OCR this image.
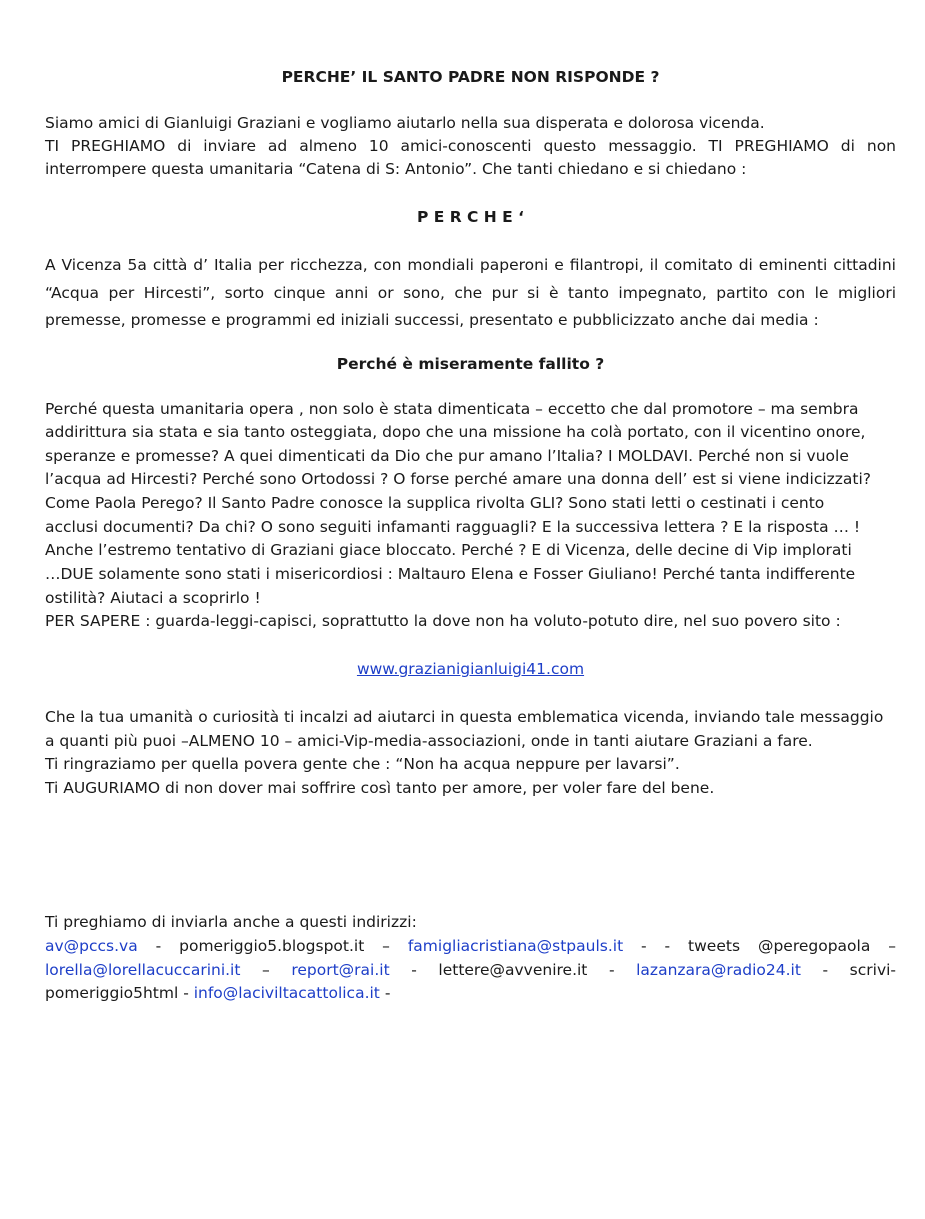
PERCHE’ IL SANTO PADRE NON RISPONDE ?
Siamo amici di Gianluigi Graziani e vogliamo aiutarlo nella sua disperata e dolorosa vicenda.
TI PREGHIAMO di inviare ad almeno 10 amici-conoscenti questo messaggio. TI PREGHIAMO di non
interrompere questa umanitaria “Catena di S: Antonio”. Che tanti chiedano e si chiedano :
P E R C H E ‘
A Vicenza 5a città d’ Italia per ricchezza, con mondiali paperoni e filantropi, il comitato di eminenti cittadini
“Acqua per Hircesti”, sorto cinque anni or sono, che pur si è tanto impegnato, partito con le migliori
premesse, promesse e programmi ed iniziali successi, presentato e pubblicizzato anche dai media :
Perché è miseramente fallito ?
Perché questa umanitaria opera , non solo è stata dimenticata – eccetto che dal promotore – ma sembra
addirittura sia stata e sia tanto osteggiata, dopo che una missione ha colà portato, con il vicentino onore,
speranze e promesse? A quei dimenticati da Dio che pur amano l’Italia? I MOLDAVI. Perché non si vuole
l’acqua ad Hircesti? Perché sono Ortodossi ? O forse perché amare una donna dell’ est si viene indicizzati?
Come Paola Perego? Il Santo Padre conosce la supplica rivolta GLI? Sono stati letti o cestinati i cento
acclusi documenti? Da chi? O sono seguiti infamanti ragguagli? E la successiva lettera ? E la risposta … !
Anche l’estremo tentativo di Graziani giace bloccato. Perché ? E di Vicenza, delle decine di Vip implorati
…DUE solamente sono stati i misericordiosi : Maltauro Elena e Fosser Giuliano! Perché tanta indifferente
ostilità? Aiutaci a scoprirlo !
PER SAPERE : guarda-leggi-capisci, soprattutto la dove non ha voluto-potuto dire, nel suo povero sito :
www.grazianigianluigi41.com
Che la tua umanità o curiosità ti incalzi ad aiutarci in questa emblematica vicenda, inviando tale messaggio
a quanti più puoi –ALMENO 10 – amici-Vip-media-associazioni, onde in tanti aiutare Graziani a fare.
Ti ringraziamo per quella povera gente che : “Non ha acqua neppure per lavarsi”.
Ti AUGURIAMO di non dover mai soffrire così tanto per amore, per voler fare del bene.
Ti preghiamo di inviarla anche a questi indirizzi:
av@pccs.va - pomeriggio5.blogspot.it – famigliacristiana@stpauls.it - - tweets @peregopaola –
lorella@lorellacuccarini.it – report@rai.it - lettere@avvenire.it - lazanzara@radio24.it - scrivi-
pomeriggio5html - info@laciviltacattolica.it -
